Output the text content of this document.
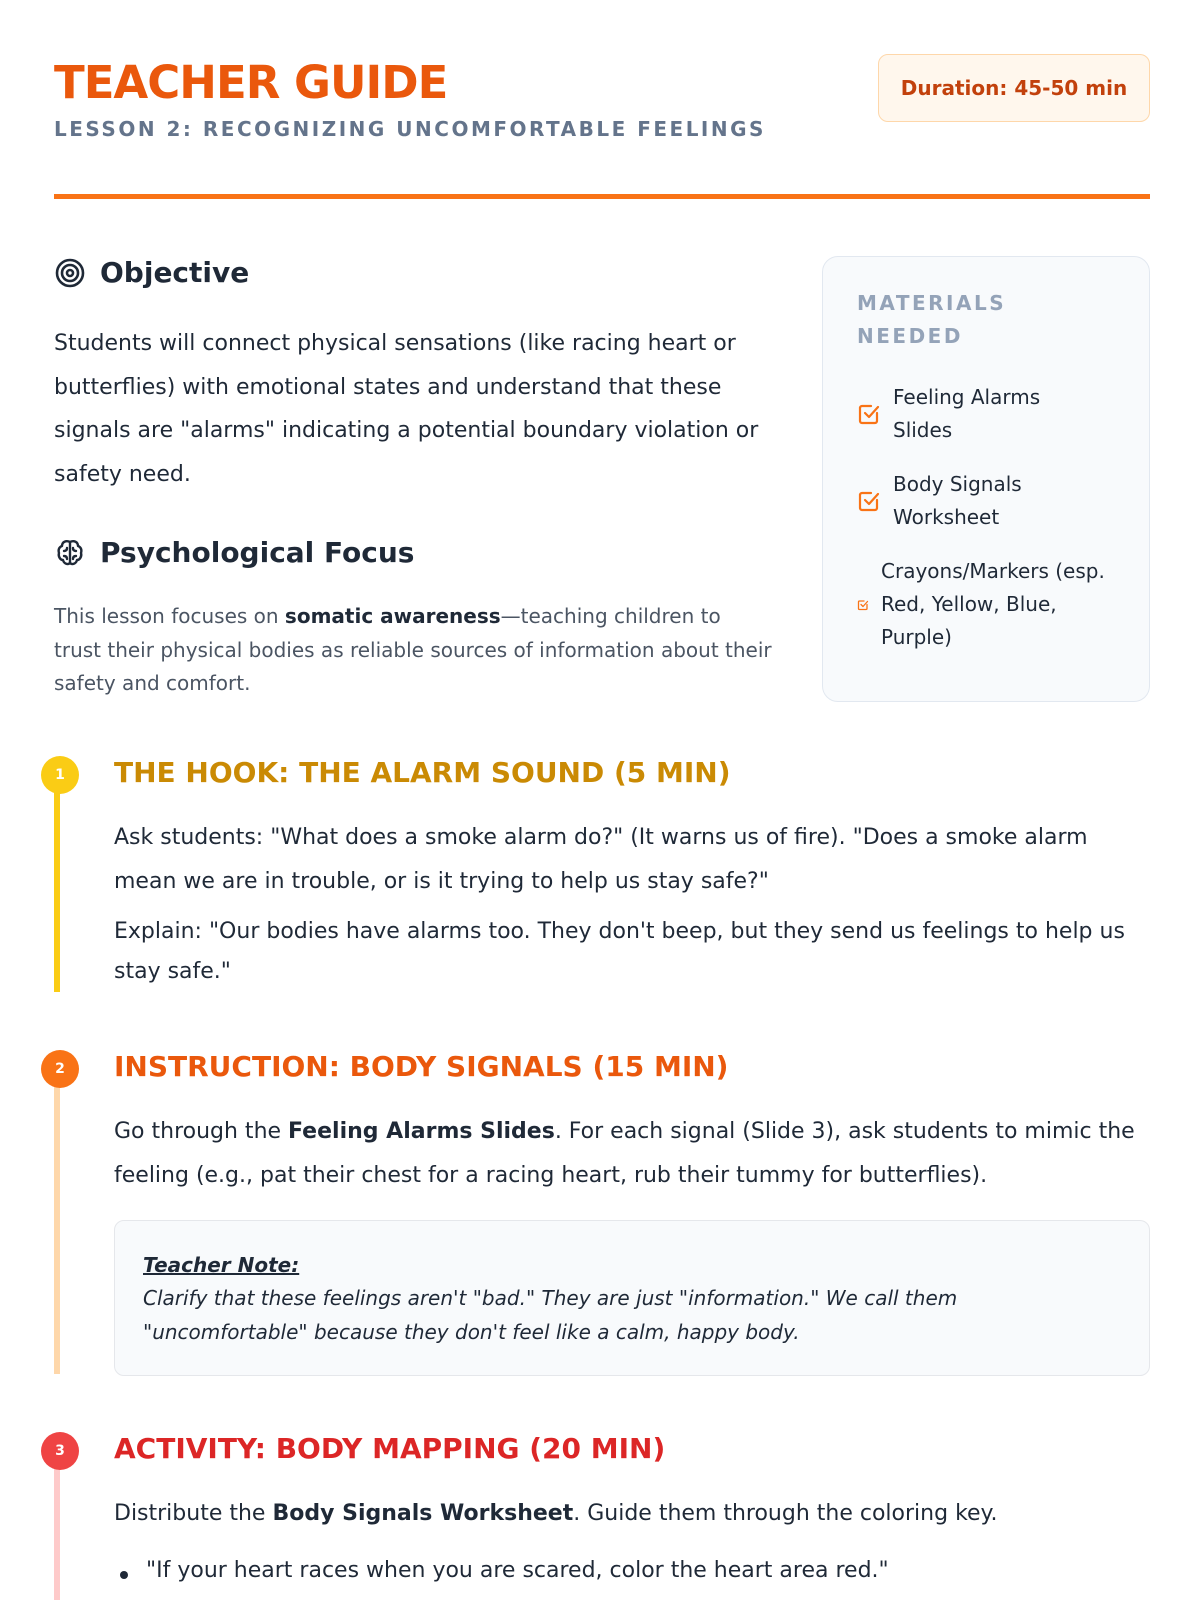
TEACHER GUIDE
LESSON 2: RECOGNIZING UNCOMFORTABLE FEELINGS
Duration: 45-50 min
Objective
Students will connect physical sensations (like racing heart or butterflies) with emotional states and understand that these signals are "alarms" indicating a potential boundary violation or safety need.
Psychological Focus
This lesson focuses on somatic awareness—teaching children to trust their physical bodies as reliable sources of information about their safety and comfort.
MATERIALS NEEDED
Feeling Alarms Slides
Body Signals Worksheet
Crayons/Markers (esp. Red, Yellow, Blue, Purple)
1	THE HOOK: THE ALARM SOUND (5 MIN)

Ask students: "What does a smoke alarm do?" (It warns us of fire). "Does a smoke alarm mean we are in trouble, or is it trying to help us stay safe?"

Explain: "Our bodies have alarms too. They don't beep, but they send us feelings to help us stay safe."

2	INSTRUCTION: BODY SIGNALS (15 MIN)

Go through the Feeling Alarms Slides. For each signal (Slide 3), ask students to mimic the feeling (e.g., pat their chest for a racing heart, rub their tummy for butterflies).

Teacher Note:
Clarify that these feelings aren't "bad." They are just "information." We call them "uncomfortable" because they don't feel like a calm, happy body.
3	ACTIVITY: BODY MAPPING (20 MIN)

Distribute the Body Signals Worksheet. Guide them through the coloring key.

"If your heart races when you are scared, color the heart area red."
